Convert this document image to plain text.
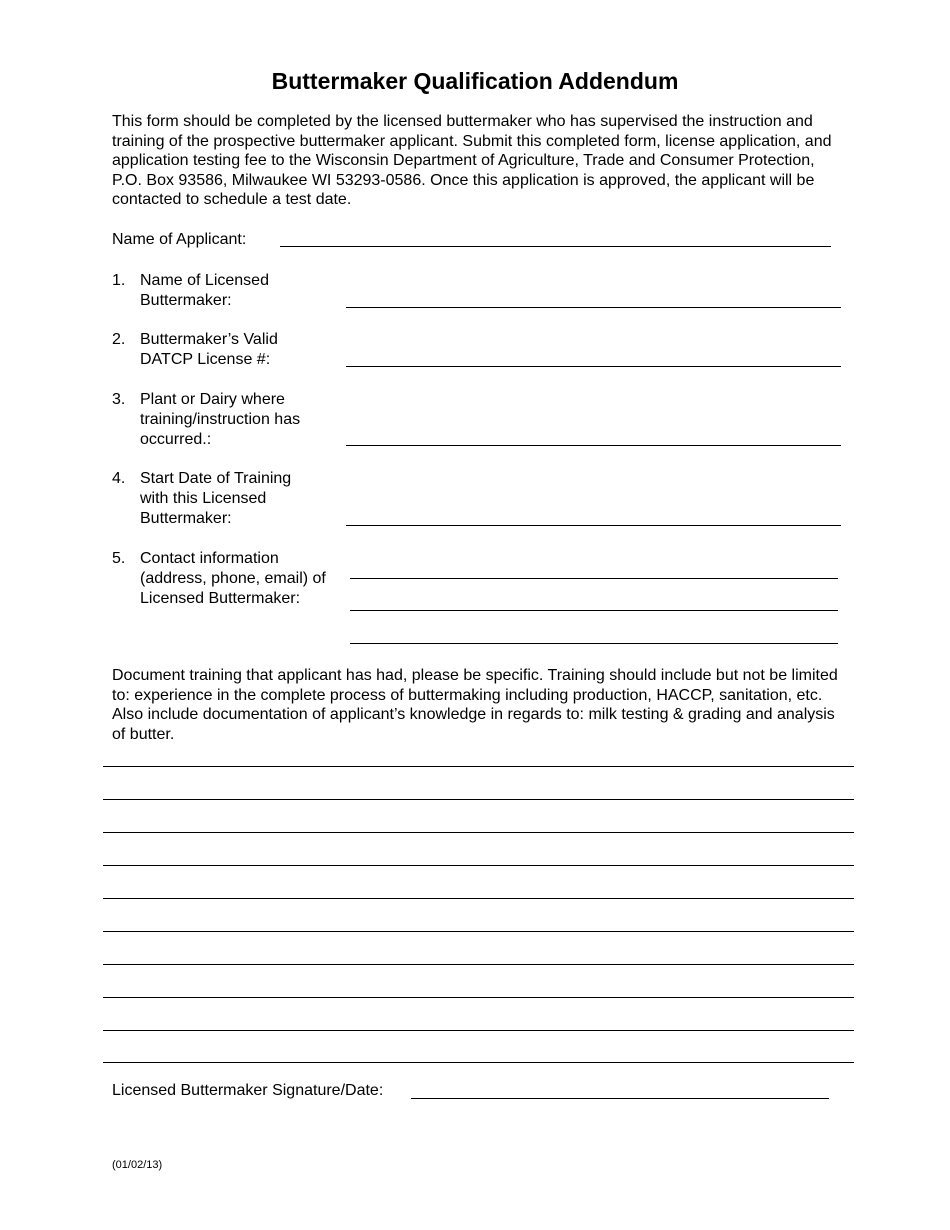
Buttermaker Qualification Addendum
This form should be completed by the licensed buttermaker who has supervised the instruction and training of the prospective buttermaker applicant. Submit this completed form, license application, and application testing fee to the Wisconsin Department of Agriculture, Trade and Consumer Protection, P.O. Box 93586, Milwaukee WI 53293-0586. Once this application is approved, the applicant will be contacted to schedule a test date.
Name of Applicant:
1. Name of Licensed
Buttermaker:
2. Buttermaker’s Valid
DATCP License #:
3. Plant or Dairy where
training/instruction has
occurred.:
4. Start Date of Training
with this Licensed
Buttermaker:
5. Contact information
(address, phone, email) of
Licensed Buttermaker:
Document training that applicant has had, please be specific. Training should include but not be limited to: experience in the complete process of buttermaking including production, HACCP, sanitation, etc. Also include documentation of applicant’s knowledge in regards to: milk testing & grading and analysis of butter.
Licensed Buttermaker Signature/Date:
(01/02/13)
